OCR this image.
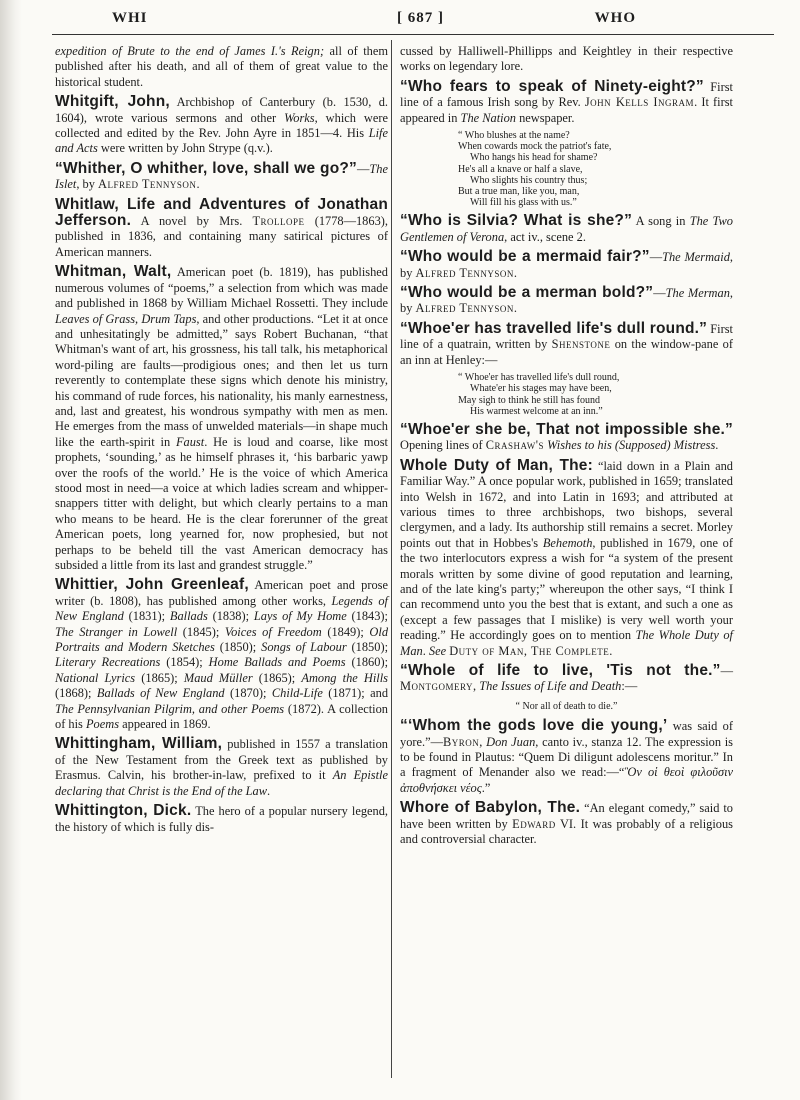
WHI	[ 687 ]	WHO

expedition of Brute to the end of James I.'s Reign; all of them published after his death, and all of them of great value to the historical student.

Whitgift, John, Archbishop of Canterbury (b. 1530, d. 1604), wrote various sermons and other Works, which were collected and edited by the Rev. John Ayre in 1851—4. His Life and Acts were written by John Strype (q.v.).

“Whither, O whither, love, shall we go?”—The Islet, by Alfred Tennyson.

Whitlaw, Life and Adventures of Jonathan Jefferson. A novel by Mrs. Trollope (1778—1863), published in 1836, and containing many satirical pictures of American manners.

Whitman, Walt, American poet (b. 1819), has published numerous volumes of “poems,” a selection from which was made and published in 1868 by William Michael Rossetti. They include Leaves of Grass, Drum Taps, and other productions. “Let it at once and unhesitatingly be admitted,” says Robert Buchanan, “that Whitman's want of art, his grossness, his tall talk, his metaphorical word-piling are faults—prodigious ones; and then let us turn reverently to contemplate these signs which denote his ministry, his command of rude forces, his nationality, his manly earnestness, and, last and greatest, his wondrous sympathy with men as men. He emerges from the mass of unwelded materials—in shape much like the earth-spirit in Faust. He is loud and coarse, like most prophets, ‘sounding,’ as he himself phrases it, ‘his barbaric yawp over the roofs of the world.’ He is the voice of which America stood most in need—a voice at which ladies scream and whipper-snappers titter with delight, but which clearly pertains to a man who means to be heard. He is the clear forerunner of the great American poets, long yearned for, now prophesied, but not perhaps to be beheld till the vast American democracy has subsided a little from its last and grandest struggle.”

Whittier, John Greenleaf, American poet and prose writer (b. 1808), has published among other works, Legends of New England (1831); Ballads (1838); Lays of My Home (1843); The Stranger in Lowell (1845); Voices of Freedom (1849); Old Portraits and Modern Sketches (1850); Songs of Labour (1850); Literary Recreations (1854); Home Ballads and Poems (1860); National Lyrics (1865); Maud Müller (1865); Among the Hills (1868); Ballads of New England (1870); Child-Life (1871); and The Pennsylvanian Pilgrim, and other Poems (1872). A collection of his Poems appeared in 1869.

Whittingham, William, published in 1557 a translation of the New Testament from the Greek text as published by Erasmus. Calvin, his brother-in-law, prefixed to it An Epistle declaring that Christ is the End of the Law.

Whittington, Dick. The hero of a popular nursery legend, the history of which is fully dis-

cussed by Halliwell-Phillipps and Keightley in their respective works on legendary lore.

“Who fears to speak of Ninety-eight?” First line of a famous Irish song by Rev. John Kells Ingram. It first appeared in The Nation newspaper.

“ Who blushes at the name?
When cowards mock the patriot's fate,
Who hangs his head for shame?
He's all a knave or half a slave,
Who slights his country thus;
But a true man, like you, man,
Will fill his glass with us.”

“Who is Silvia? What is she?” A song in The Two Gentlemen of Verona, act iv., scene 2.

“Who would be a mermaid fair?”—The Mermaid, by Alfred Tennyson.

“Who would be a merman bold?”—The Merman, by Alfred Tennyson.

“Whoe'er has travelled life's dull round.” First line of a quatrain, written by Shenstone on the window-pane of an inn at Henley:—

“ Whoe'er has travelled life's dull round,
Whate'er his stages may have been,
May sigh to think he still has found
His warmest welcome at an inn.”

“Whoe'er she be, That not impossible she.” Opening lines of Crashaw's Wishes to his (Supposed) Mistress.

Whole Duty of Man, The: “laid down in a Plain and Familiar Way.” A once popular work, published in 1659; translated into Welsh in 1672, and into Latin in 1693; and attributed at various times to three archbishops, two bishops, several clergymen, and a lady. Its authorship still remains a secret. Morley points out that in Hobbes's Behemoth, published in 1679, one of the two interlocutors express a wish for “a system of the present morals written by some divine of good reputation and learning, and of the late king's party;” whereupon the other says, “I think I can recommend unto you the best that is extant, and such a one as (except a few passages that I mislike) is very well worth your reading.” He accordingly goes on to mention The Whole Duty of Man. See Duty of Man, The Complete.

“Whole of life to live, 'Tis not the.”—Montgomery, The Issues of Life and Death:—

“ Nor all of death to die.”

“‘Whom the gods love die young,’ was said of yore.”—Byron, Don Juan, canto iv., stanza 12. The expression is to be found in Plautus: “Quem Di diligunt adolescens moritur.” In a fragment of Menander also we read:—“Ὃν οἱ θεοὶ φιλοῦσιν ἀποθνήσκει νέος.”

Whore of Babylon, The. “An elegant comedy,” said to have been written by Edward VI. It was probably of a religious and controversial character.
